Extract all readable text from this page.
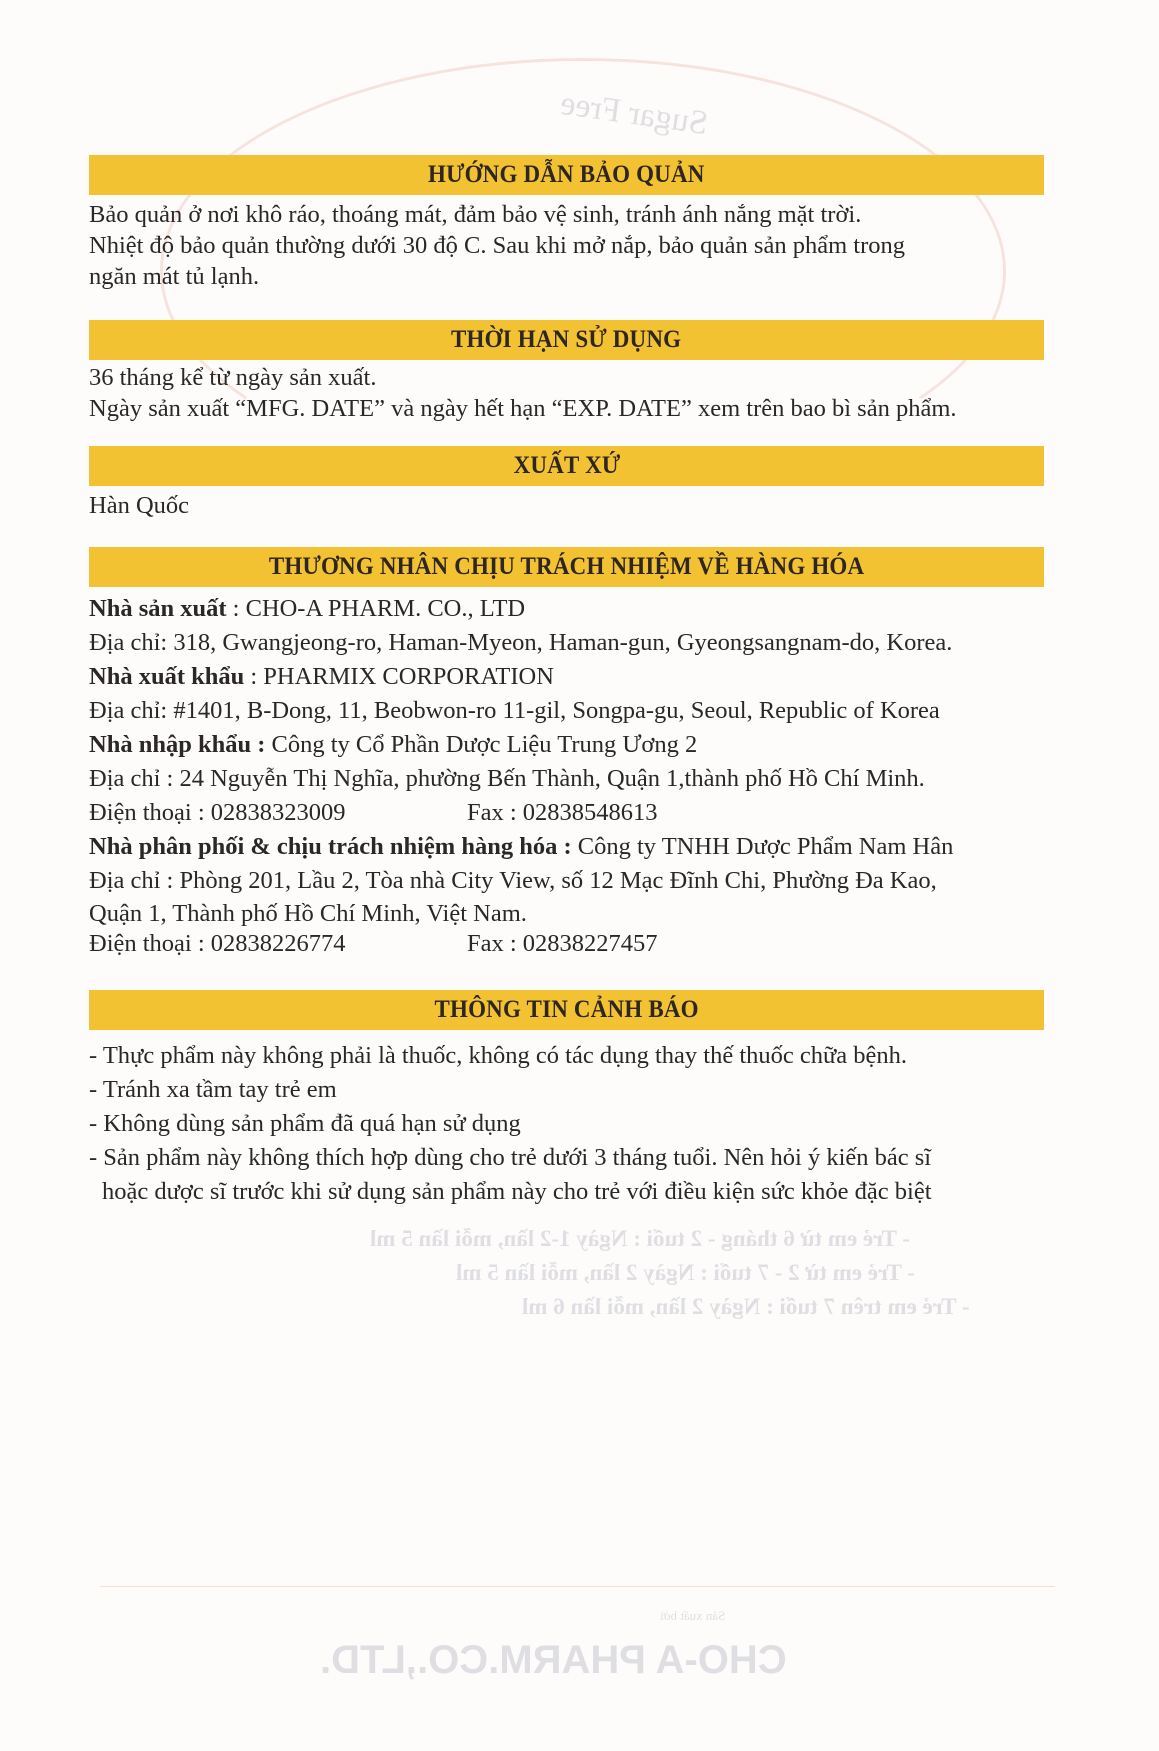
Sugar Free
- Trẻ em từ 6 tháng - 2 tuổi : Ngày 1-2 lần, mỗi lần 5 ml
- Trẻ em từ 2 - 7 tuổi : Ngày 2 lần, mỗi lần 5 ml
- Trẻ em trên 7 tuổi : Ngày 2 lần, mỗi lần 6 ml
Sản xuất bởi
CHO-A PHARM.CO.,LTD.
HƯỚNG DẪN BẢO QUẢN

Bảo quản ở nơi khô ráo, thoáng mát, đảm bảo vệ sinh, tránh ánh nắng mặt trời.

Nhiệt độ bảo quản thường dưới 30 độ C. Sau khi mở nắp, bảo quản sản phẩm trong

ngăn mát tủ lạnh.

THỜI HẠN SỬ DỤNG

36 tháng kể từ ngày sản xuất.

Ngày sản xuất “MFG. DATE” và ngày hết hạn “EXP. DATE” xem trên bao bì sản phẩm.

XUẤT XỨ

Hàn Quốc

THƯƠNG NHÂN CHỊU TRÁCH NHIỆM VỀ HÀNG HÓA

Nhà sản xuất : CHO-A PHARM. CO., LTD

Địa chỉ: 318, Gwangjeong-ro, Haman-Myeon, Haman-gun, Gyeongsangnam-do, Korea.

Nhà xuất khẩu : PHARMIX CORPORATION

Địa chỉ: #1401, B-Dong, 11, Beobwon-ro 11-gil, Songpa-gu, Seoul, Republic of Korea

Nhà nhập khẩu : Công ty Cổ Phần Dược Liệu Trung Ương 2

Địa chỉ : 24 Nguyễn Thị Nghĩa, phường Bến Thành, Quận 1,thành phố Hồ Chí Minh.

Điện thoại : 02838323009	Fax : 02838548613

Nhà phân phối & chịu trách nhiệm hàng hóa : Công ty TNHH Dược Phẩm Nam Hân

Địa chỉ : Phòng 201, Lầu 2, Tòa nhà City View, số 12 Mạc Đĩnh Chi, Phường Đa Kao,

Quận 1, Thành phố Hồ Chí Minh, Việt Nam.

Điện thoại : 02838226774	Fax : 02838227457

THÔNG TIN CẢNH BÁO

- Thực phẩm này không phải là thuốc, không có tác dụng thay thế thuốc chữa bệnh.

- Tránh xa tầm tay trẻ em

- Không dùng sản phẩm đã quá hạn sử dụng

- Sản phẩm này không thích hợp dùng cho trẻ dưới 3 tháng tuổi. Nên hỏi ý kiến bác sĩ

hoặc dược sĩ trước khi sử dụng sản phẩm này cho trẻ với điều kiện sức khỏe đặc biệt
